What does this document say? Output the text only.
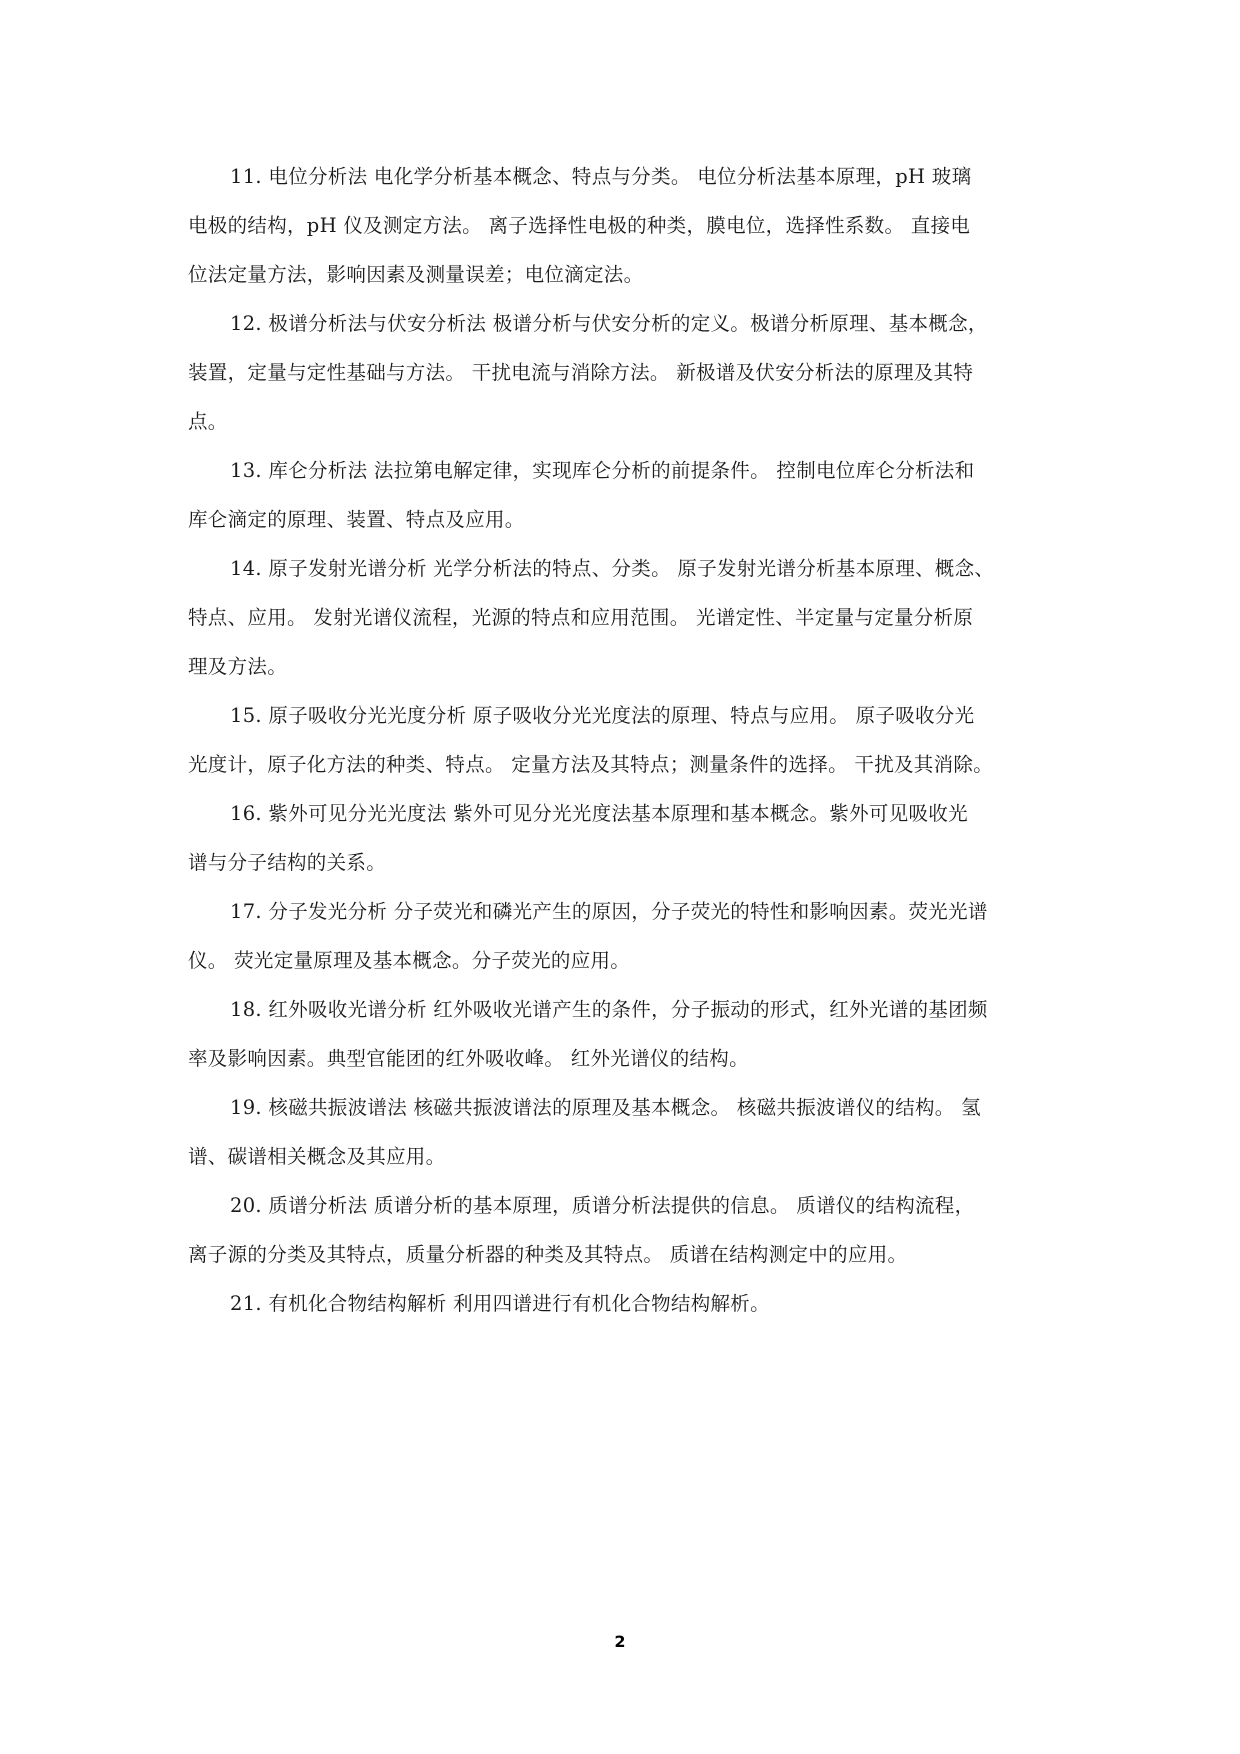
11. 电位分析法 电化学分析基本概念、特点与分类。 电位分析法基本原理，pH 玻璃
电极的结构，pH 仪及测定方法。 离子选择性电极的种类，膜电位，选择性系数。 直接电
位法定量方法，影响因素及测量误差；电位滴定法。
12. 极谱分析法与伏安分析法 极谱分析与伏安分析的定义。极谱分析原理、基本概念，
装置，定量与定性基础与方法。 干扰电流与消除方法。 新极谱及伏安分析法的原理及其特
点。
13. 库仑分析法 法拉第电解定律，实现库仑分析的前提条件。 控制电位库仑分析法和
库仑滴定的原理、装置、特点及应用。
14. 原子发射光谱分析 光学分析法的特点、分类。 原子发射光谱分析基本原理、概念、
特点、应用。 发射光谱仪流程，光源的特点和应用范围。 光谱定性、半定量与定量分析原
理及方法。
15. 原子吸收分光光度分析 原子吸收分光光度法的原理、特点与应用。 原子吸收分光
光度计，原子化方法的种类、特点。 定量方法及其特点；测量条件的选择。 干扰及其消除。
16. 紫外可见分光光度法 紫外可见分光光度法基本原理和基本概念。紫外可见吸收光
谱与分子结构的关系。
17. 分子发光分析 分子荧光和磷光产生的原因，分子荧光的特性和影响因素。荧光光谱
仪。 荧光定量原理及基本概念。分子荧光的应用。
18. 红外吸收光谱分析 红外吸收光谱产生的条件，分子振动的形式，红外光谱的基团频
率及影响因素。典型官能团的红外吸收峰。 红外光谱仪的结构。
19. 核磁共振波谱法 核磁共振波谱法的原理及基本概念。 核磁共振波谱仪的结构。 氢
谱、碳谱相关概念及其应用。
20. 质谱分析法 质谱分析的基本原理，质谱分析法提供的信息。 质谱仪的结构流程，
离子源的分类及其特点，质量分析器的种类及其特点。 质谱在结构测定中的应用。
21. 有机化合物结构解析 利用四谱进行有机化合物结构解析。
2
